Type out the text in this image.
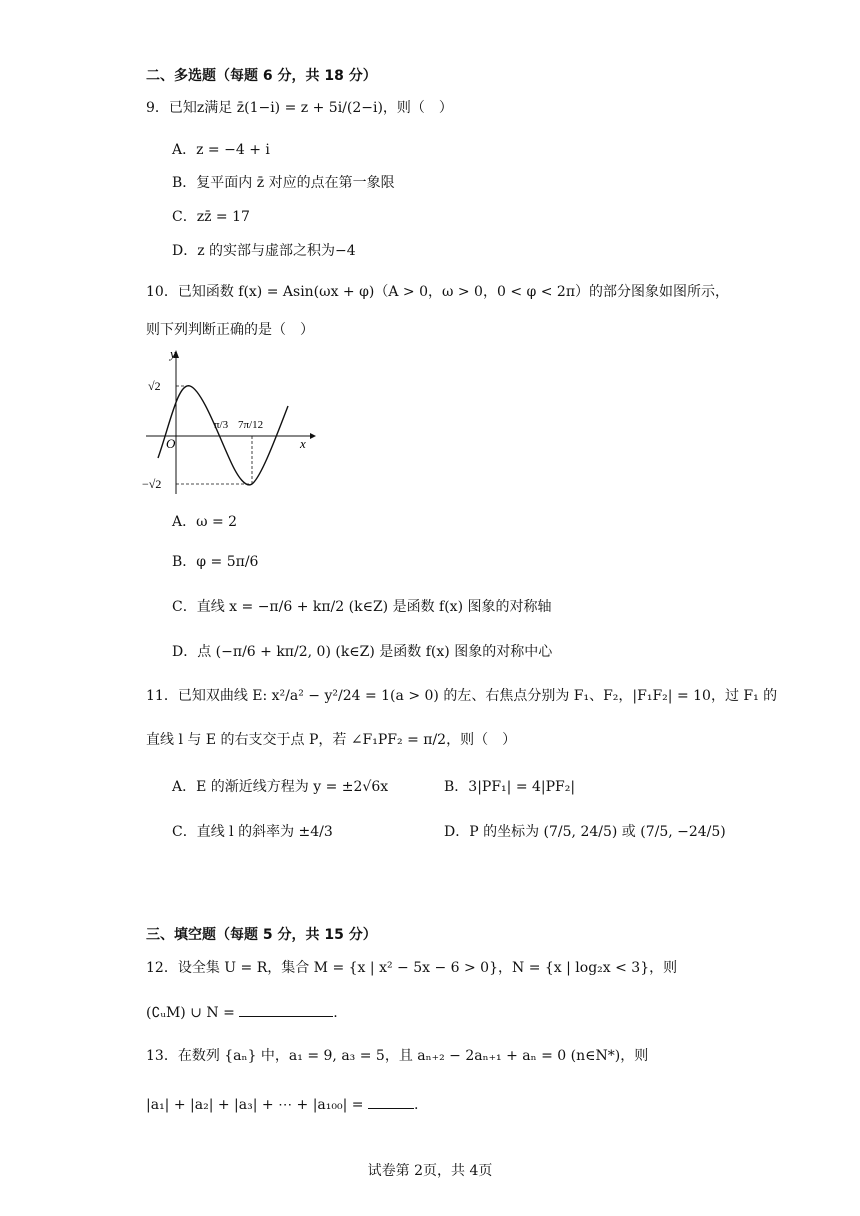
二、多选题（每题 6 分，共 18 分）
9．已知z满足 z̄(1−i) = z + 5i/(2−i)，则（　）
A．z = −4 + i
B．复平面内 z̄ 对应的点在第一象限
C．zz̄ = 17
D．z 的实部与虚部之积为−4
10．已知函数 f(x) = Asin(ωx + φ)（A > 0，ω > 0，0 < φ < 2π）的部分图象如图所示，
则下列判断正确的是（　）
y
x
O
√2
−√2
π/3 7π/12
A．ω = 2
B．φ = 5π/6
C．直线 x = −π/6 + kπ/2 (k∈Z) 是函数 f(x) 图象的对称轴
D．点 (−π/6 + kπ/2, 0) (k∈Z) 是函数 f(x) 图象的对称中心
11．已知双曲线 E: x²/a² − y²/24 = 1(a > 0) 的左、右焦点分别为 F₁、F₂，|F₁F₂| = 10，过 F₁ 的
直线 l 与 E 的右支交于点 P，若 ∠F₁PF₂ = π/2，则（　）
A．E 的渐近线方程为 y = ±2√6x	B．3|PF₁| = 4|PF₂|
C．直线 l 的斜率为 ±4/3	D．P 的坐标为 (7/5, 24/5) 或 (7/5, −24/5)
三、填空题（每题 5 分，共 15 分）
12．设全集 U = R，集合 M = {x | x² − 5x − 6 > 0}，N = {x | log₂x < 3}，则
(∁ᵤM) ∪ N =	.
13．在数列 {aₙ} 中，a₁ = 9, a₃ = 5，且 aₙ₊₂ − 2aₙ₊₁ + aₙ = 0 (n∈N*)，则
|a₁| + |a₂| + |a₃| + ⋯ + |a₁₀₀| =	.
试卷第 2页，共 4页
